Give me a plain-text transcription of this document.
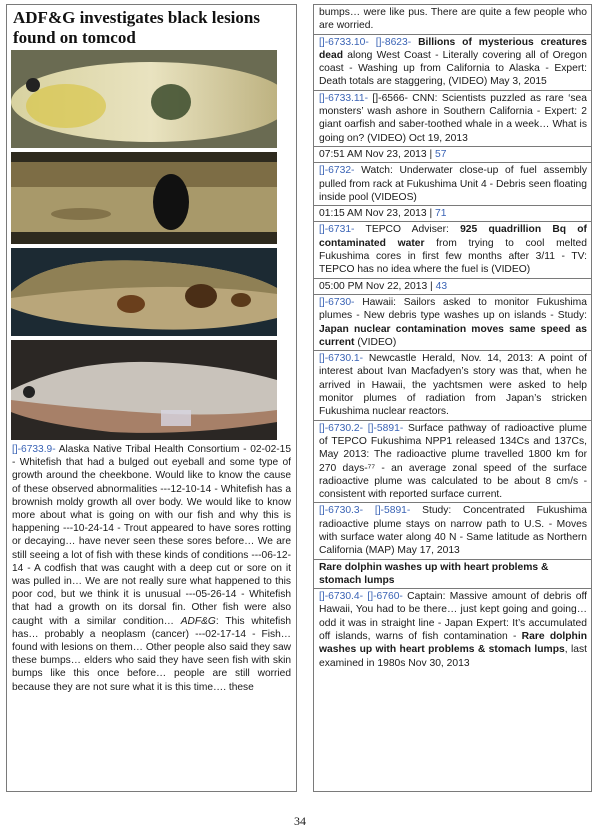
ADF&G investigates black lesions found on tomcod
[]-6733.9- Alaska Native Tribal Health Consortium - 02-02-15 - Whitefish that had a bulged out eyeball and some type of growth around the cheekbone. Would like to know the cause of these observed abnormalities ---12-10-14 - Whitefish has a brownish moldy growth all over body. We would like to know more about what is going on with our fish and why this is happening ---10-24-14 - Trout appeared to have sores rotting or decaying… have never seen these sores before… We are still seeing a lot of fish with these kinds of conditions ---06-12-14 - A codfish that was caught with a deep cut or sore on it was pulled in… We are not really sure what happened to this poor cod, but we think it is unusual ---05-26-14 - Whitefish that had a growth on its dorsal fin. Other fish were also caught with a similar condition… ADF&G: This whitefish has… probably a neoplasm (cancer) ---02-17-14 - Fish… found with lesions on them… Other people also said they saw these bumps… elders who said they have seen fish with skin bumps like this once before… people are still worried because they are not sure what it is this time…. these
bumps… were like pus. There are quite a few people who are worried.
[]-6733.10- []-8623- Billions of mysterious creatures dead along West Coast - Literally covering all of Oregon coast - Washing up from California to Alaska - Expert: Death totals are staggering, (VIDEO) May 3, 2015
[]-6733.11- []-6566- CNN: Scientists puzzled as rare ‘sea monsters’ wash ashore in Southern California - Expert: 2 giant oarfish and saber-toothed whale in a week… What is going on? (VIDEO) Oct 19, 2013
07:51 AM Nov 23, 2013 | 57
[]-6732- Watch: Underwater close-up of fuel assembly pulled from rack at Fukushima Unit 4 - Debris seen floating inside pool (VIDEOS)
01:15 AM Nov 23, 2013 | 71
[]-6731- TEPCO Adviser: 925 quadrillion Bq of contaminated water from trying to cool melted Fukushima cores in first few months after 3/11 - TV: TEPCO has no idea where the fuel is (VIDEO)
05:00 PM Nov 22, 2013 | 43
[]-6730- Hawaii: Sailors asked to monitor Fukushima plumes - New debris type washes up on islands - Study: Japan nuclear contamination moves same speed as current (VIDEO)
[]-6730.1- Newcastle Herald, Nov. 14, 2013: A point of interest about Ivan Macfadyen’s story was that, when he arrived in Hawaii, the yachtsmen were asked to help monitor plumes of radiation from Japan’s stricken Fukushima nuclear reactors.
[]-6730.2- []-5891- Surface pathway of radioactive plume of TEPCO Fukushima NPP1 released 134Cs and 137Cs, May 2013: The radioactive plume travelled 1800 km for 270 days-⁷⁷ - an average zonal speed of the surface radioactive plume was calculated to be about 8 cm/s - consistent with reported surface current.
[]-6730.3- []-5891- Study: Concentrated Fukushima radioactive plume stays on narrow path to U.S. - Moves with surface water along 40 N - Same latitude as Northern California (MAP) May 17, 2013
Rare dolphin washes up with heart problems & stomach lumps
[]-6730.4- []-6760- Captain: Massive amount of debris off Hawaii, You had to be there… just kept going and going… odd it was in straight line - Japan Expert: It’s accumulated off islands, warns of fish contamination - Rare dolphin washes up with heart problems & stomach lumps, last examined in 1980s Nov 30, 2013
34
